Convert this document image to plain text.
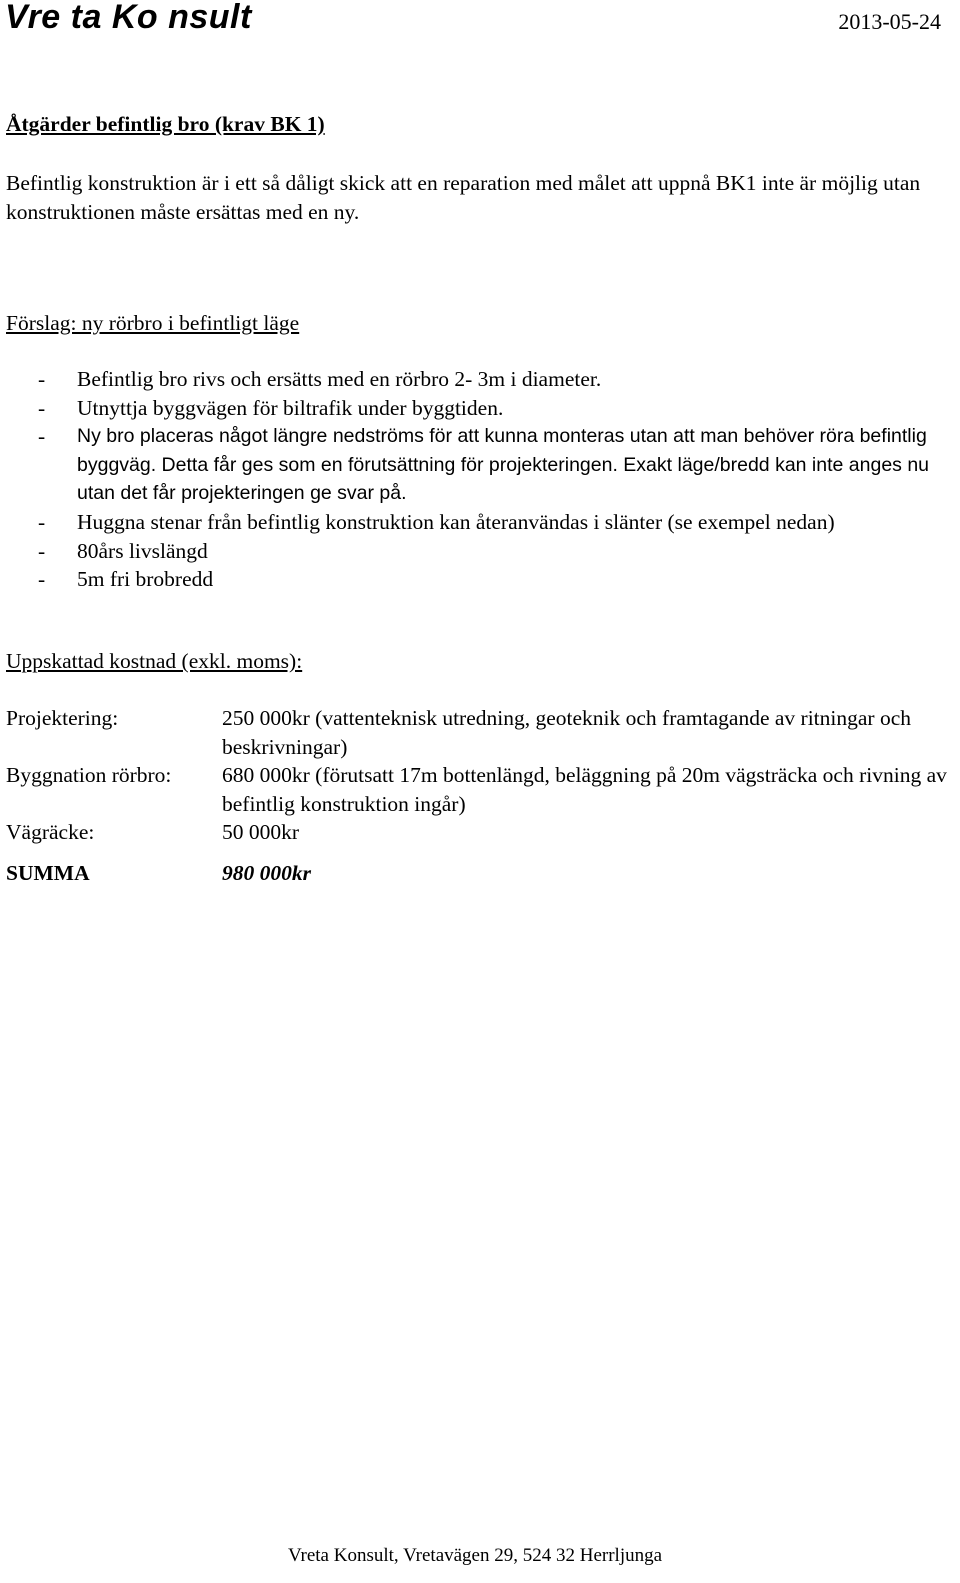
Vre ta Ko nsult	2013-05-24
Åtgärder befintlig bro (krav BK 1)
Befintlig konstruktion är i ett så dåligt skick att en reparation med målet att uppnå BK1 inte är möjlig utan konstruktionen måste ersättas med en ny.
Förslag: ny rörbro i befintligt läge
- Befintlig bro rivs och ersätts med en rörbro 2- 3m i diameter.
- Utnyttja byggvägen för biltrafik under byggtiden.
- Ny bro placeras något längre nedströms för att kunna monteras utan att man behöver röra befintlig byggväg. Detta får ges som en förutsättning för projekteringen. Exakt läge/bredd kan inte anges nu utan det får projekteringen ge svar på.
- Huggna stenar från befintlig konstruktion kan återanvändas i slänter (se exempel nedan)
- 80års livslängd
- 5m fri brobredd
Uppskattad kostnad (exkl. moms):
Projektering:	250 000kr (vattenteknisk utredning, geoteknik och framtagande av ritningar och beskrivningar)
Byggnation rörbro: 680 000kr (förutsatt 17m bottenlängd, beläggning på 20m vägsträcka och rivning av befintlig konstruktion ingår)
Vägräcke:	50 000kr
SUMMA	980 000kr
Vreta Konsult, Vretavägen 29, 524 32 Herrljunga
